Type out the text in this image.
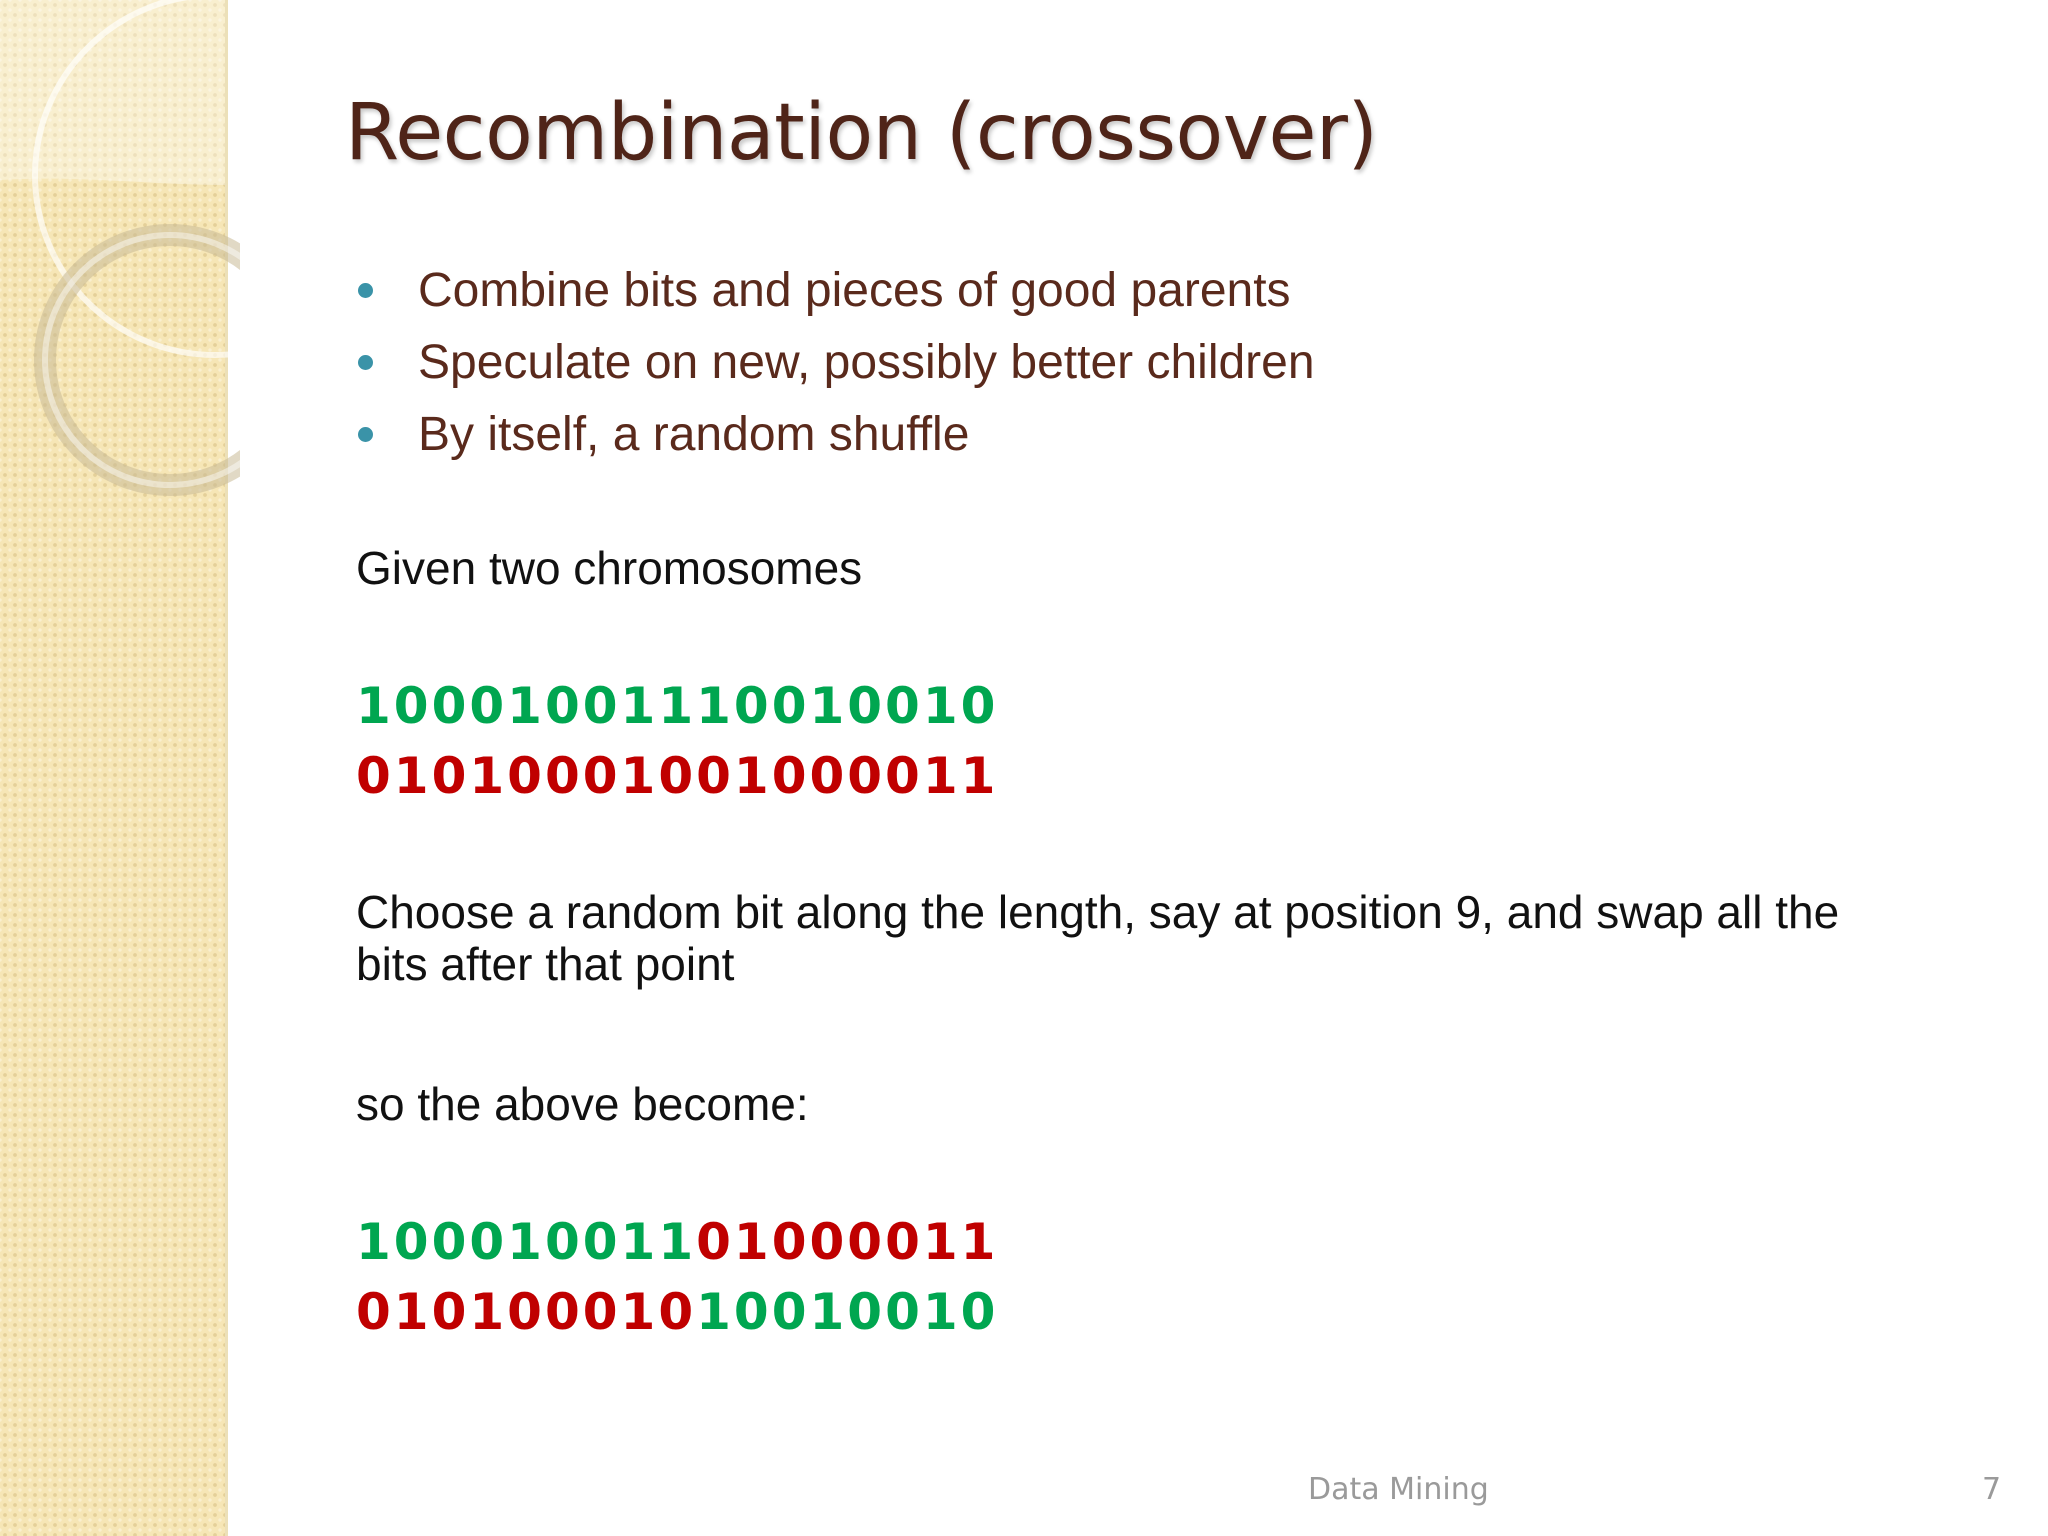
Recombination (crossover)
Combine bits and pieces of good parents
Speculate on new, possibly better children
By itself, a random shuffle

Given two chromosomes

10001001110010010

01010001001000011

Choose a random bit along the length, say at position 9, and swap all the

bits after that point

so the above become:

10001001101000011

01010001010010010

Data Mining	7
